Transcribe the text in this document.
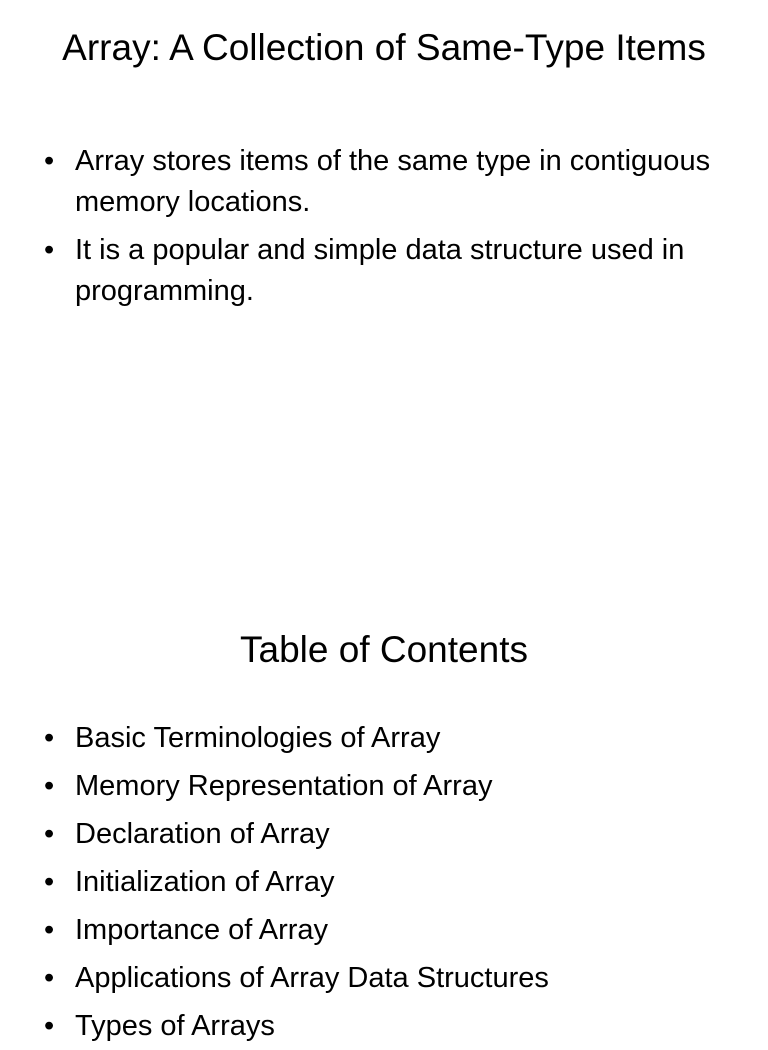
Array: A Collection of Same-Type Items
• Array stores items of the same type in contiguous memory locations.
• It is a popular and simple data structure used in programming.
Table of Contents
• Basic Terminologies of Array
• Memory Representation of Array
• Declaration of Array
• Initialization of Array
• Importance of Array
• Applications of Array Data Structures
• Types of Arrays
